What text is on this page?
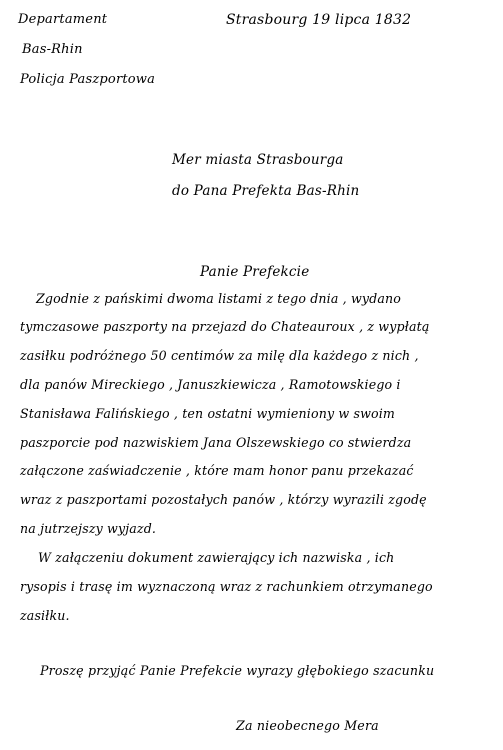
Departament
Bas-Rhin
Policja Paszportowa
Strasbourg 19 lipca 1832
Mer miasta Strasbourga
do Pana Prefekta Bas-Rhin
Panie Prefekcie
Zgodnie z pańskimi dwoma listami z tego dnia , wydano
tymczasowe paszporty na przejazd do Chateauroux , z wypłatą
zasiłku podróżnego 50 centimów za milę dla każdego z nich ,
dla panów Mireckiego , Januszkiewicza , Ramotowskiego i
Stanisława Falińskiego , ten ostatni wymieniony w swoim
paszporcie pod nazwiskiem Jana Olszewskiego co stwierdza
załączone zaświadczenie , które mam honor panu przekazać
wraz z paszportami pozostałych panów , którzy wyrazili zgodę
na jutrzejszy wyjazd.
W załączeniu dokument zawierający ich nazwiska , ich
rysopis i trasę im wyznaczoną wraz z rachunkiem otrzymanego
zasiłku.
Proszę przyjąć Panie Prefekcie wyrazy głębokiego szacunku
Za nieobecnego Mera
